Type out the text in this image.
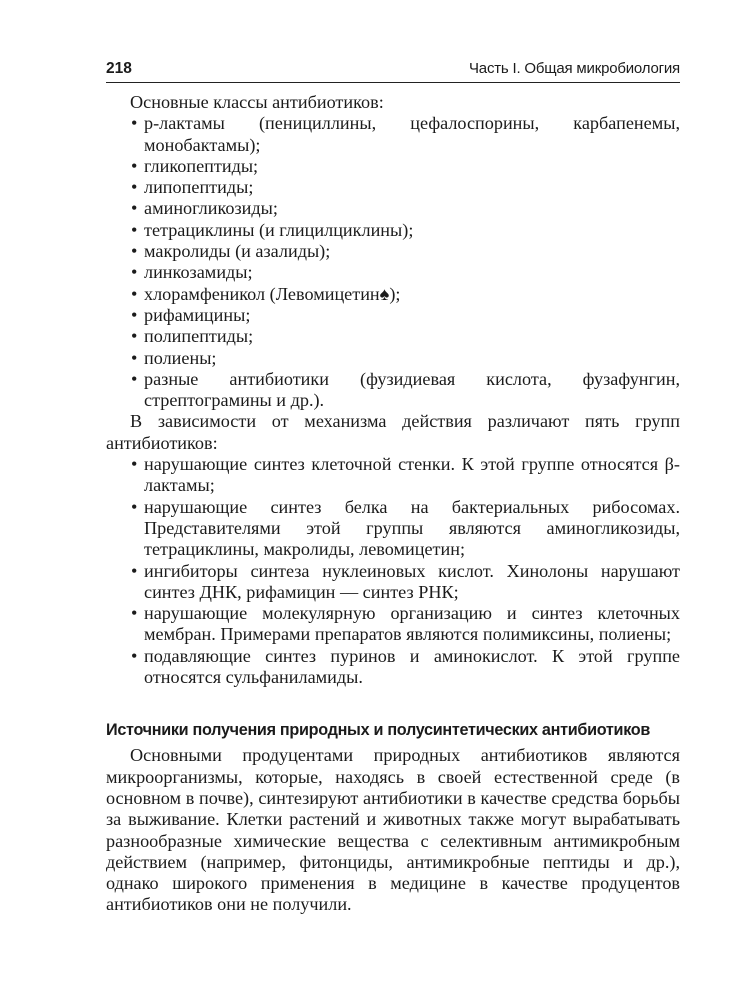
218	Часть I. Общая микробиология

Основные классы антибиотиков:

• р-лактамы (пенициллины, цефалоспорины, карбапенемы, монобактамы);
• гликопептиды;
• липопептиды;
• аминогликозиды;
• тетрациклины (и глицилциклины);
• макролиды (и азалиды);
• линкозамиды;
• хлорамфеникол (Левомицетин♠);
• рифамицины;
• полипептиды;
• полиены;
• разные антибиотики (фузидиевая кислота, фузафунгин, стрептограмины и др.).

В зависимости от механизма действия различают пять групп антибиотиков:

• нарушающие синтез клеточной стенки. К этой группе относятся β-лактамы;
• нарушающие синтез белка на бактериальных рибосомах. Представителями этой группы являются аминогликозиды, тетрациклины, макролиды, левомицетин;
• ингибиторы синтеза нуклеиновых кислот. Хинолоны нарушают синтез ДНК, рифамицин — синтез РНК;
• нарушающие молекулярную организацию и синтез клеточных мембран. Примерами препаратов являются полимиксины, полиены;
• подавляющие синтез пуринов и аминокислот. К этой группе относятся сульфаниламиды.
Источники получения природных и полусинтетических антибиотиков

Основными продуцентами природных антибиотиков являются микроорганизмы, которые, находясь в своей естественной среде (в основном в почве), синтезируют антибиотики в качестве средства борьбы за выживание. Клетки растений и животных также могут вырабатывать разнообразные химические вещества с селективным антимикробным действием (например, фитонциды, антимикробные пептиды и др.), однако широкого применения в медицине в качестве продуцентов антибиотиков они не получили.
